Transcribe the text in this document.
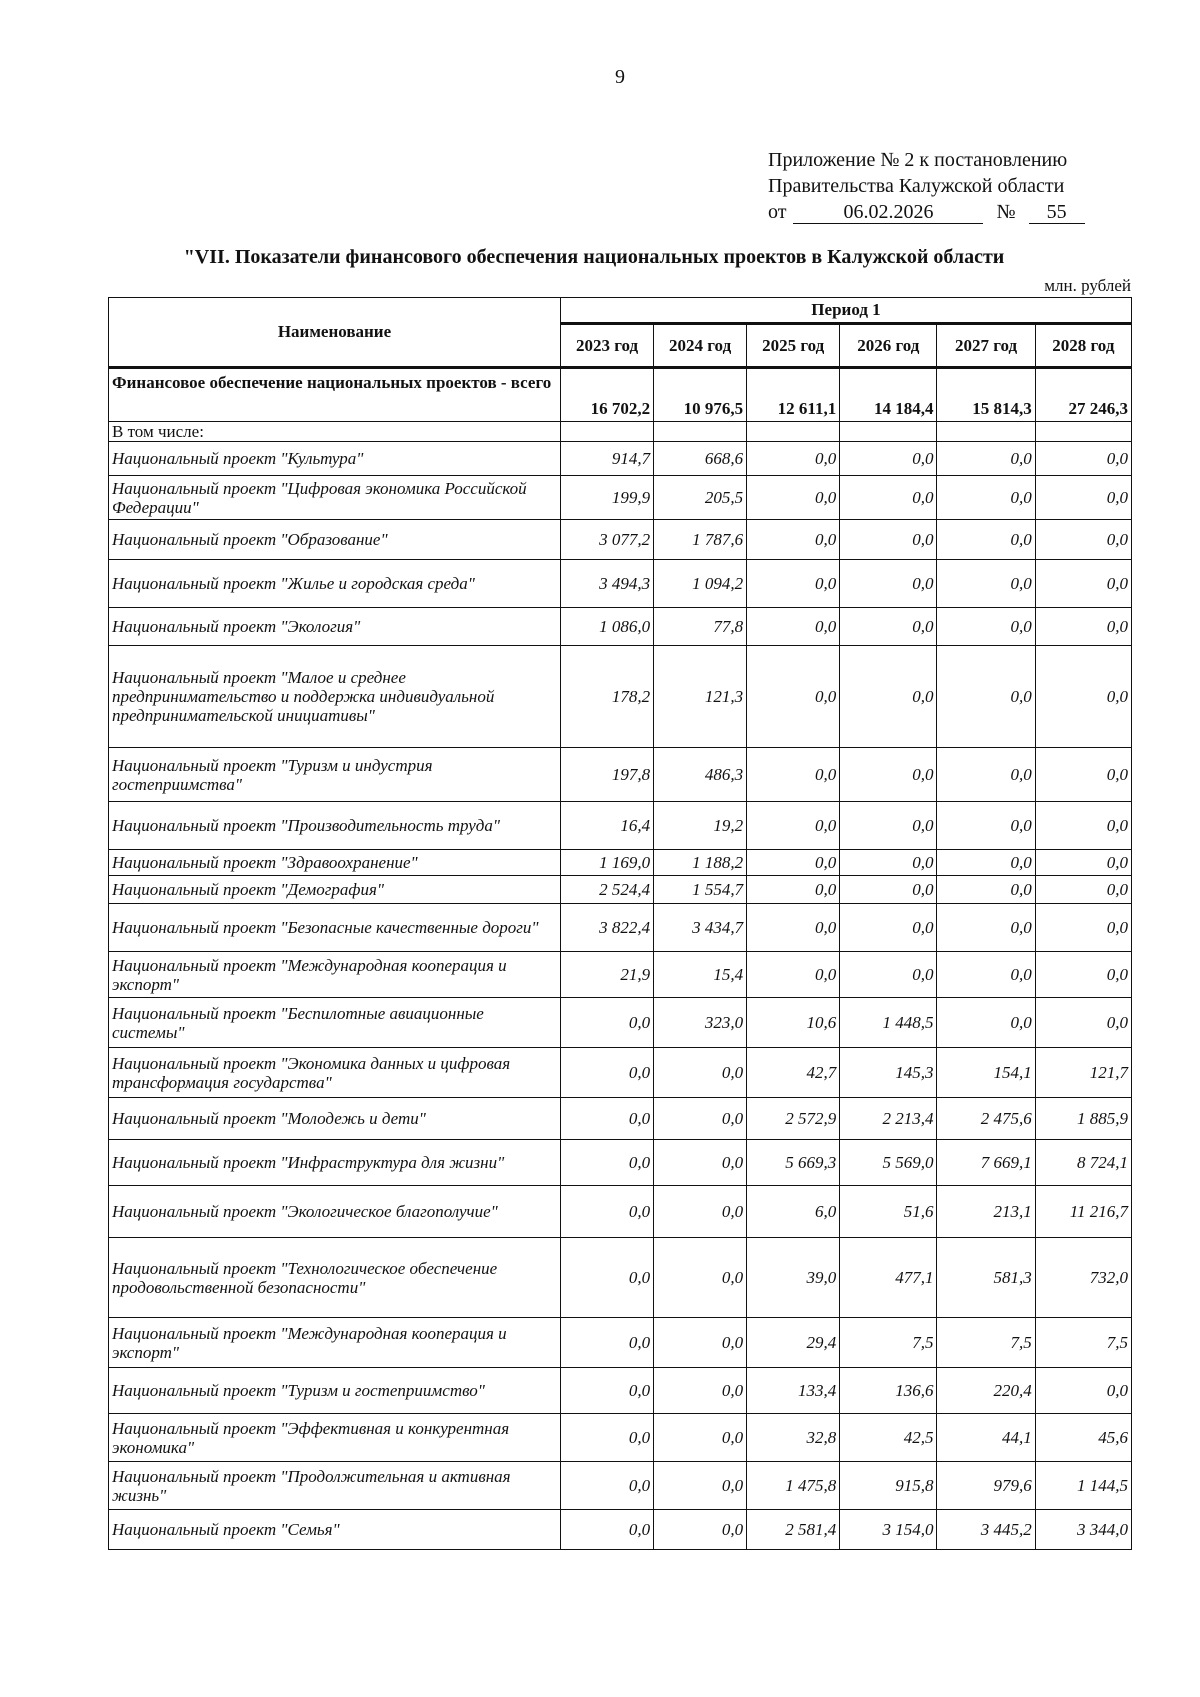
9
Приложение № 2 к постановлению
Правительства Калужской области
от	06.02.2026	№ 55
"VII. Показатели финансового обеспечения национальных проектов в Калужской области
млн. рублей
Наименование	Период 1					
	2023 год	2024 год	2025 год	2026 год	2027 год	2028 год
Финансовое обеспечение национальных проектов - всего	16 702,2	10 976,5	12 611,1	14 184,4	15 814,3	27 246,3
В том числе:						
Национальный проект "Культура"	914,7	668,6	0,0	0,0	0,0	0,0
Национальный проект "Цифровая экономика Российской Федерации"	199,9	205,5	0,0	0,0	0,0	0,0
Национальный проект "Образование"	3 077,2	1 787,6	0,0	0,0	0,0	0,0
Национальный проект "Жилье и городская среда"	3 494,3	1 094,2	0,0	0,0	0,0	0,0
Национальный проект "Экология"	1 086,0	77,8	0,0	0,0	0,0	0,0
Национальный проект "Малое и среднее предпринимательство и поддержка индивидуальной предпринимательской инициативы"	178,2	121,3	0,0	0,0	0,0	0,0
Национальный проект "Туризм и индустрия гостеприимства"	197,8	486,3	0,0	0,0	0,0	0,0
Национальный проект "Производительность труда"	16,4	19,2	0,0	0,0	0,0	0,0
Национальный проект "Здравоохранение"	1 169,0	1 188,2	0,0	0,0	0,0	0,0
Национальный проект "Демография"	2 524,4	1 554,7	0,0	0,0	0,0	0,0
Национальный проект "Безопасные качественные дороги"	3 822,4	3 434,7	0,0	0,0	0,0	0,0
Национальный проект "Международная кооперация и экспорт"	21,9	15,4	0,0	0,0	0,0	0,0
Национальный проект "Беспилотные авиационные системы"	0,0	323,0	10,6	1 448,5	0,0	0,0
Национальный проект "Экономика данных и цифровая трансформация государства"	0,0	0,0	42,7	145,3	154,1	121,7
Национальный проект "Молодежь и дети"	0,0	0,0	2 572,9	2 213,4	2 475,6	1 885,9
Национальный проект "Инфраструктура для жизни"	0,0	0,0	5 669,3	5 569,0	7 669,1	8 724,1
Национальный проект "Экологическое благополучие"	0,0	0,0	6,0	51,6	213,1	11 216,7
Национальный проект "Технологическое обеспечение продовольственной безопасности"	0,0	0,0	39,0	477,1	581,3	732,0
Национальный проект "Международная кооперация и экспорт"	0,0	0,0	29,4	7,5	7,5	7,5
Национальный проект "Туризм и гостеприимство"	0,0	0,0	133,4	136,6	220,4	0,0
Национальный проект "Эффективная и конкурентная экономика"	0,0	0,0	32,8	42,5	44,1	45,6
Национальный проект "Продолжительная и активная жизнь"	0,0	0,0	1 475,8	915,8	979,6	1 144,5
Национальный проект "Семья"	0,0	0,0	2 581,4	3 154,0	3 445,2	3 344,0
